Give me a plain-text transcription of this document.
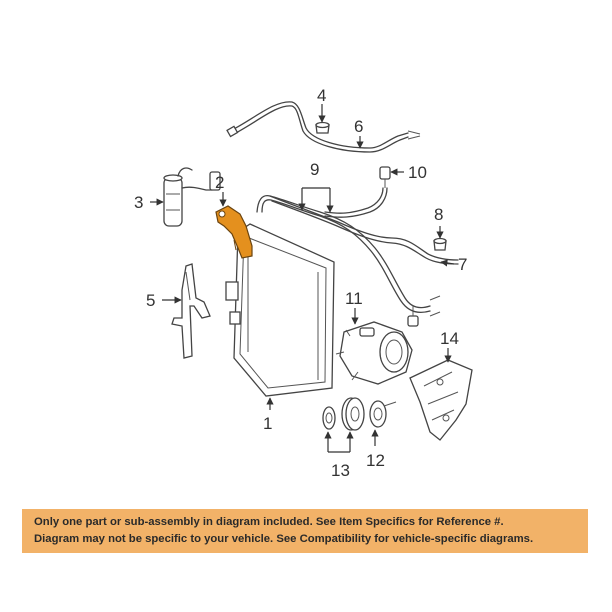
1
2
3
4
5
6
7
8
9	10
11
12
13
14
Only one part or sub-assembly in diagram included. See Item Specifics for Reference #.
Diagram may not be specific to your vehicle. See Compatibility for vehicle-specific diagrams.
